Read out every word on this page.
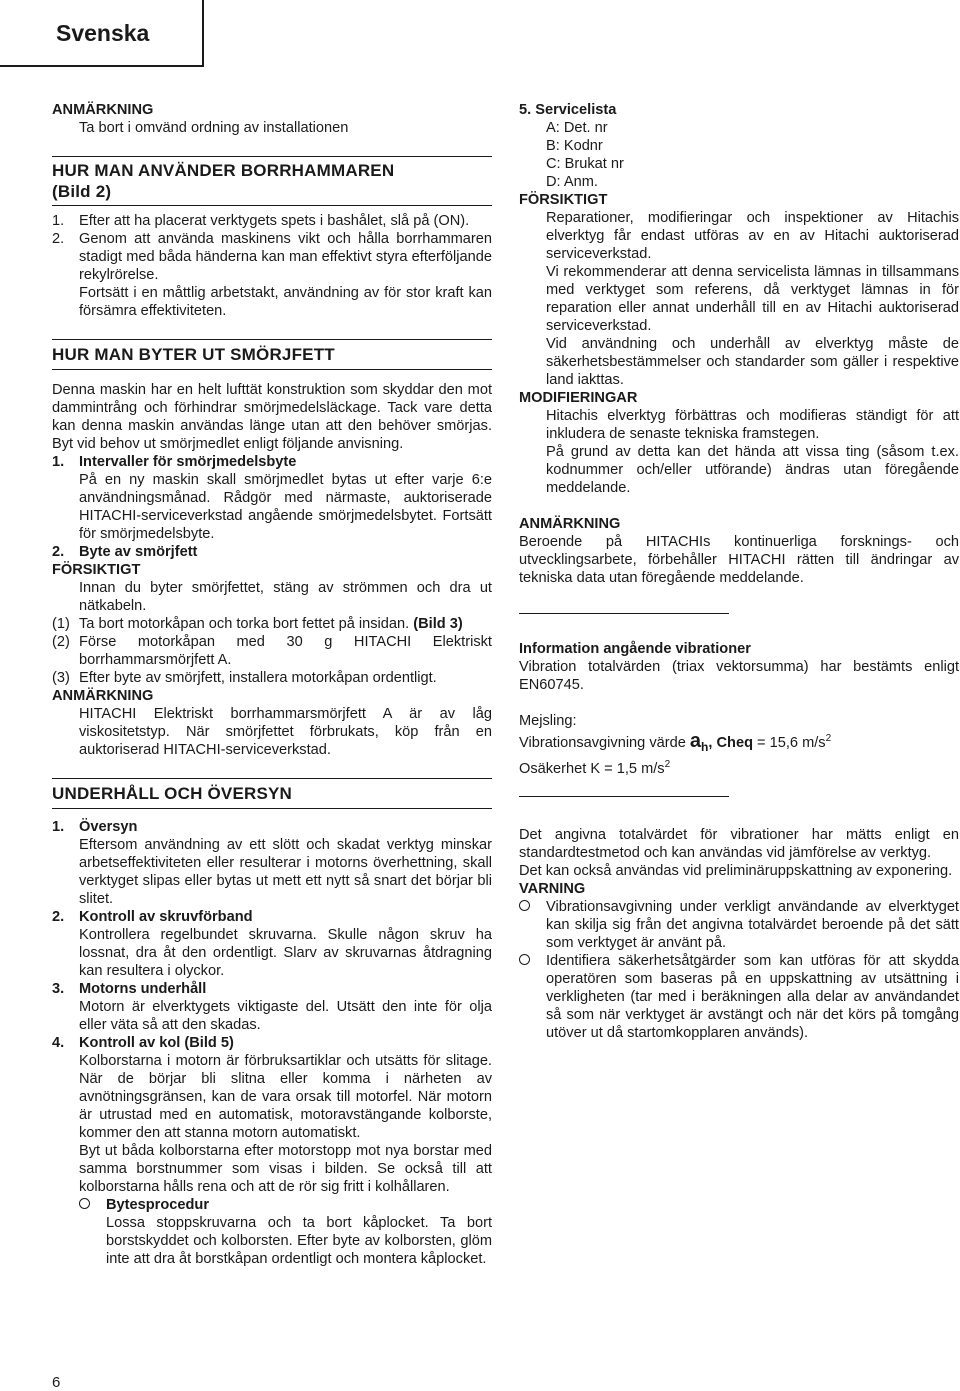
Svenska

ANMÄRKNING

Ta bort i omvänd ordning av installationen

HUR MAN ANVÄNDER BORRHAMMAREN

(Bild 2)

1. Efter att ha placerat verktygets spets i bashålet, slå på (ON).

2. Genom att använda maskinens vikt och hålla borrhammaren stadigt med båda händerna kan man effektivt styra efterföljande rekylrörelse.

Fortsätt i en måttlig arbetstakt, användning av för stor kraft kan försämra effektiviteten.

HUR MAN BYTER UT SMÖRJFETT

Denna maskin har en helt lufttät konstruktion som skyddar den mot dammintrång och förhindrar smörjmedelsläckage. Tack vare detta kan denna maskin användas länge utan att den behöver smörjas. Byt vid behov ut smörjmedlet enligt följande anvisning.

1. Intervaller för smörjmedelsbyte

På en ny maskin skall smörjmedlet bytas ut efter varje 6:e användningsmånad. Rådgör med närmaste, auktoriserade HITACHI-serviceverkstad angående smörjmedelsbytet. Fortsätt för smörjmedelsbyte.

2. Byte av smörjfett

FÖRSIKTIGT

Innan du byter smörjfettet, stäng av strömmen och dra ut nätkabeln.

(1) Ta bort motorkåpan och torka bort fettet på insidan. (Bild 3)

(2) Förse motorkåpan med 30 g HITACHI Elektriskt borrhammarsmörjfett A.

(3) Efter byte av smörjfett, installera motorkåpan ordentligt.

ANMÄRKNING

HITACHI Elektriskt borrhammarsmörjfett A är av låg viskositetstyp. När smörjfettet förbrukats, köp från en auktoriserad HITACHI-serviceverkstad.

UNDERHÅLL OCH ÖVERSYN

1. Översyn

Eftersom användning av ett slött och skadat verktyg minskar arbetseffektiviteten eller resulterar i motorns överhettning, skall verktyget slipas eller bytas ut mett ett nytt så snart det börjar bli slitet.

2. Kontroll av skruvförband

Kontrollera regelbundet skruvarna. Skulle någon skruv ha lossnat, dra åt den ordentligt. Slarv av skruvarnas åtdragning kan resultera i olyckor.

3. Motorns underhåll

Motorn är elverktygets viktigaste del. Utsätt den inte för olja eller väta så att den skadas.

4. Kontroll av kol (Bild 5)

Kolborstarna i motorn är förbruksartiklar och utsätts för slitage. När de börjar bli slitna eller komma i närheten av avnötningsgränsen, kan de vara orsak till motorfel. När motorn är utrustad med en automatisk, motoravstängande kolborste, kommer den att stanna motorn automatiskt.

Byt ut båda kolborstarna efter motorstopp mot nya borstar med samma borstnummer som visas i bilden. Se också till att kolborstarna hålls rena och att de rör sig fritt i kolhållaren.

Bytesprocedur

Lossa stoppskruvarna och ta bort kåplocket. Ta bort borstskyddet och kolborsten. Efter byte av kolborsten, glöm inte att dra åt borstkåpan ordentligt och montera kåplocket.

5. Servicelista

A: Det. nr

B: Kodnr

C: Brukat nr

D: Anm.

FÖRSIKTIGT

Reparationer, modifieringar och inspektioner av Hitachis elverktyg får endast utföras av en av Hitachi auktoriserad serviceverkstad.

Vi rekommenderar att denna servicelista lämnas in tillsammans med verktyget som referens, då verktyget lämnas in för reparation eller annat underhåll till en av Hitachi auktoriserad serviceverkstad.

Vid användning och underhåll av elverktyg måste de säkerhetsbestämmelser och standarder som gäller i respektive land iakttas.

MODIFIERINGAR

Hitachis elverktyg förbättras och modifieras ständigt för att inkludera de senaste tekniska framstegen.

På grund av detta kan det hända att vissa ting (såsom t.ex. kodnummer och/eller utförande) ändras utan föregående meddelande.

ANMÄRKNING

Beroende på HITACHIs kontinuerliga forsknings- och utvecklingsarbete, förbehåller HITACHI rätten till ändringar av tekniska data utan föregående meddelande.

Information angående vibrationer

Vibration totalvärden (triax vektorsumma) har bestämts enligt EN60745.

Mejsling:

Vibrationsavgivning värde $a_h$, Cheq = 15,6 $m/s^2$

Osäkerhet K = 1,5 $m/s^2$

Det angivna totalvärdet för vibrationer har mätts enligt en standardtestmetod och kan användas vid jämförelse av verktyg.

Det kan också användas vid preliminäruppskattning av exponering.

VARNING

Vibrationsavgivning under verkligt användande av elverktyget kan skilja sig från det angivna totalvärdet beroende på det sätt som verktyget är använt på.

Identifiera säkerhetsåtgärder som kan utföras för att skydda operatören som baseras på en uppskattning av utsättning i verkligheten (tar med i beräkningen alla delar av användandet så som när verktyget är avstängt och när det körs på tomgång utöver ut då startomkopplaren används).

6
